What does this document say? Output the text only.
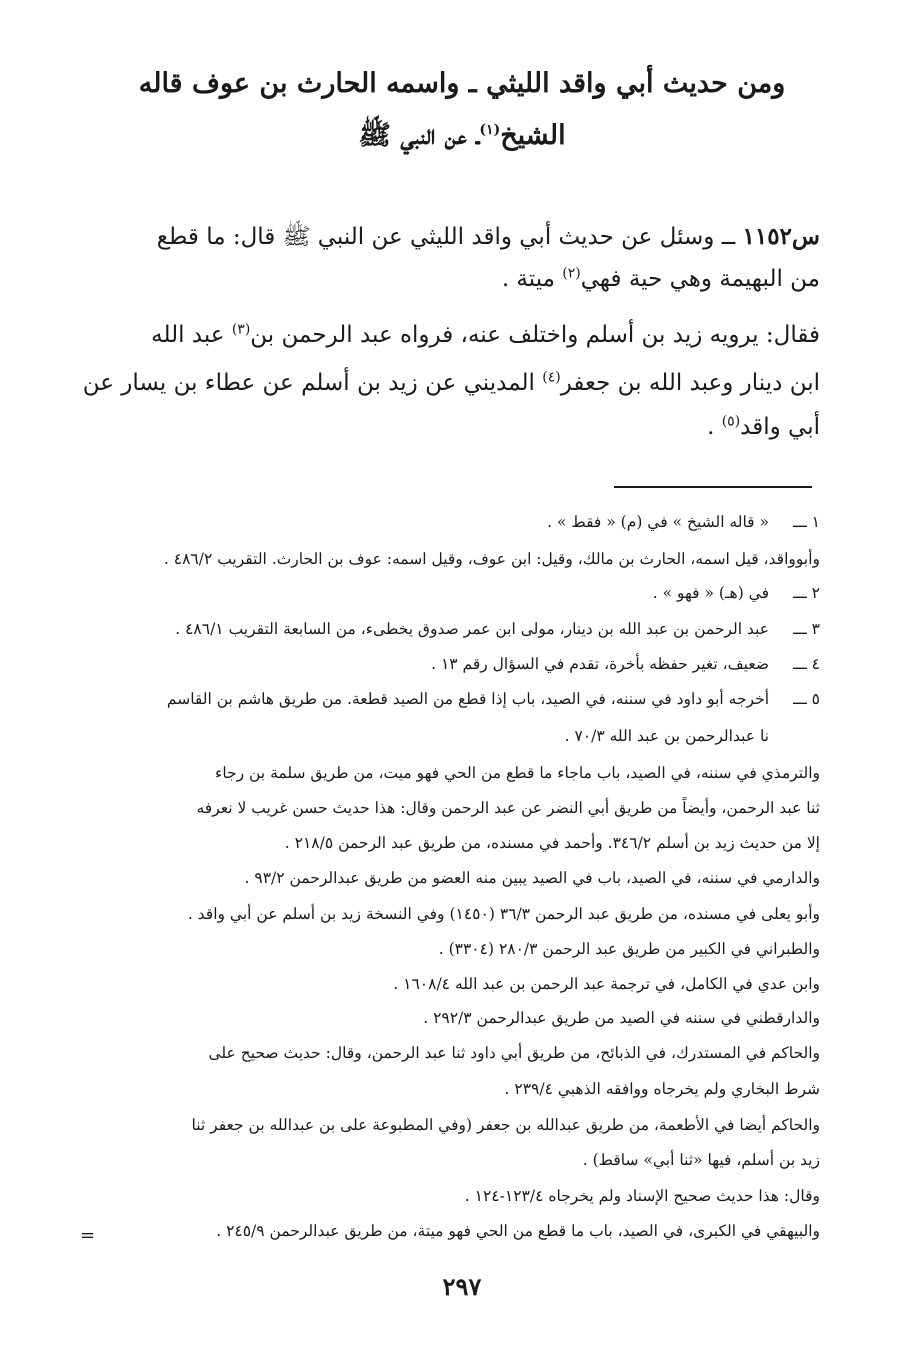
ومن حديث أبي واقد الليثي ـ واسمه الحارث بن عوف قاله
الشيخ$^{(١)}$ـ عن النبي ﷺ
س١١٥٢ ــ وسئل عن حديث أبي واقد الليثي عن النبي ﷺ قال: ما قطع
من البهيمة وهي حية فهي$^{(٢)}$ ميتة .
فقال: يرويه زيد بن أسلم واختلف عنه، فرواه عبد الرحمن بن$^{(٣)}$ عبد الله
ابن دينار وعبد الله بن جعفر$^{(٤)}$ المديني عن زيد بن أسلم عن عطاء بن يسار عن
أبي واقد$^{(٥)}$ .
١ ـــ
« قاله الشيخ » في (م) « فقط » .
وأبوواقد، قيل اسمه، الحارث بن مالك، وقيل: ابن عوف، وقيل اسمه: عوف بن الحارث. التقريب ٤٨٦/٢ .
٢ ـــ
في (هـ) « فهو » .
٣ ـــ
عبد الرحمن بن عبد الله بن دينار، مولى ابن عمر صدوق يخطىء، من السابعة التقريب ٤٨٦/١ .
٤ ـــ
ضعيف، تغير حفظه بأخرة، تقدم في السؤال رقم ١٣ .
٥ ـــ
أخرجه أبو داود في سننه، في الصيد، باب إذا قطع من الصيد قطعة. من طريق هاشم بن القاسم
نا عبدالرحمن بن عبد الله ٧٠/٣ .
والترمذي في سننه، في الصيد، باب ماجاء ما قطع من الحي فهو ميت، من طريق سلمة بن رجاء
ثنا عبد الرحمن، وأيضاً من طريق أبي النضر عن عبد الرحمن وقال: هذا حديث حسن غريب لا نعرفه
إلا من حديث زيد بن أسلم ٣٤٦/٢. وأحمد في مسنده، من طريق عبد الرحمن ٢١٨/٥ .
والدارمي في سننه، في الصيد، باب في الصيد يبين منه العضو من طريق عبدالرحمن ٩٣/٢ .
وأبو يعلى في مسنده، من طريق عبد الرحمن ٣٦/٣ (١٤٥٠) وفي النسخة زيد بن أسلم عن أبي واقد .
والطبراني في الكبير من طريق عبد الرحمن ٢٨٠/٣ (٣٣٠٤) .
وابن عدي في الكامل، في ترجمة عبد الرحمن بن عبد الله ١٦٠٨/٤ .
والدارقطني في سننه في الصيد من طريق عبدالرحمن ٢٩٢/٣ .
والحاكم في المستدرك، في الذبائح، من طريق أبي داود ثنا عبد الرحمن، وقال: حديث صحيح على
شرط البخاري ولم يخرجاه ووافقه الذهبي ٢٣٩/٤ .
والحاكم أيضا في الأطعمة، من طريق عبدالله بن جعفر (وفي المطبوعة على بن عبدالله بن جعفر ثنا
زيد بن أسلم، فيها «ثنا أبي» ساقط) .
وقال: هذا حديث صحيح الإسناد ولم يخرجاه ١٢٣/٤-١٢٤ .
والبيهقي في الكبرى، في الصيد، باب ما قطع من الحي فهو ميتة، من طريق عبدالرحمن ٢٤٥/٩ .
=
٢٩٧
